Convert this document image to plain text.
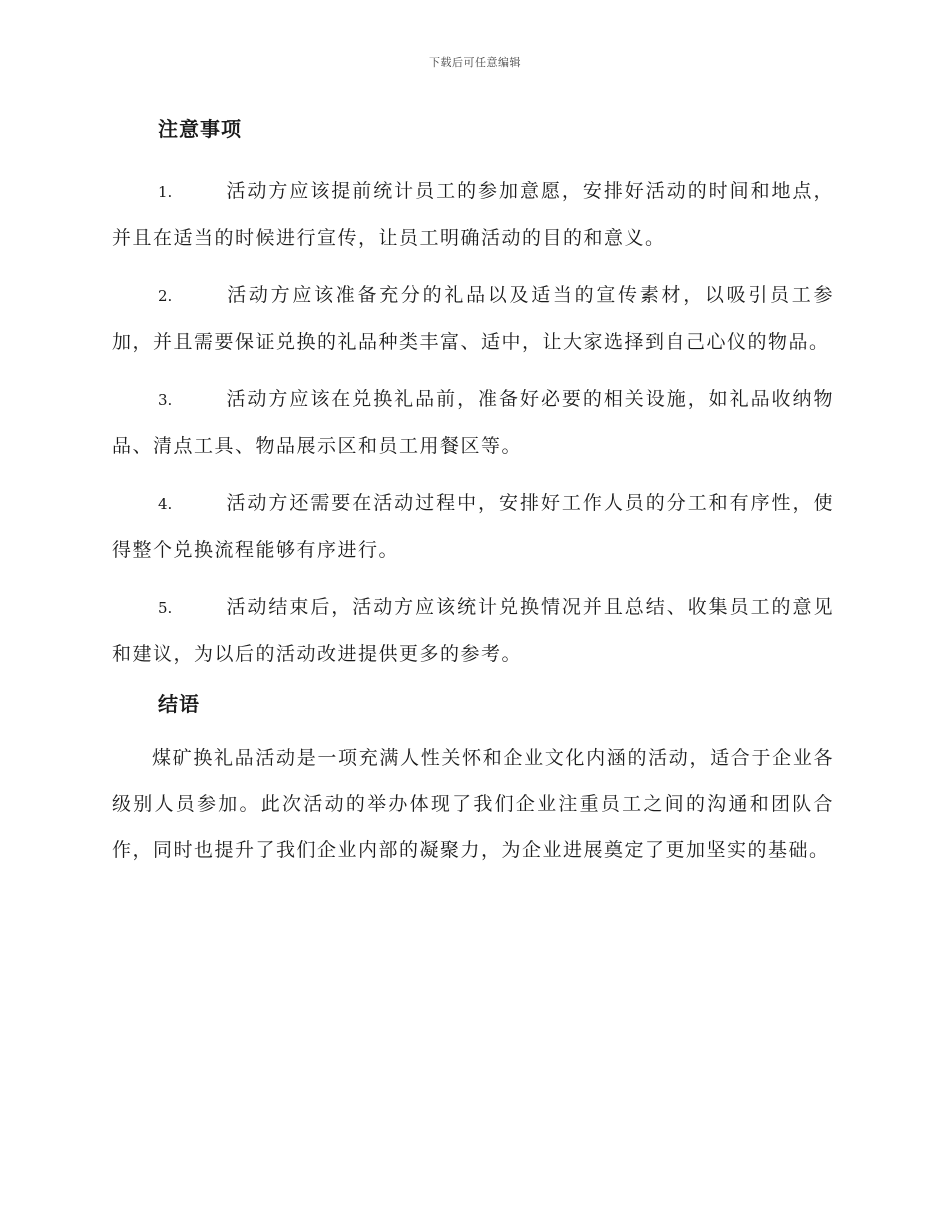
下载后可任意编辑
注意事项
1.	活动方应该提前统计员工的参加意愿，安排好活动的时间和地点，并且在适当的时候进行宣传，让员工明确活动的目的和意义。
2.	活动方应该准备充分的礼品以及适当的宣传素材，以吸引员工参加，并且需要保证兑换的礼品种类丰富、适中，让大家选择到自己心仪的物品。
3.	活动方应该在兑换礼品前，准备好必要的相关设施，如礼品收纳物品、清点工具、物品展示区和员工用餐区等。
4.	活动方还需要在活动过程中，安排好工作人员的分工和有序性，使得整个兑换流程能够有序进行。
5.	活动结束后，活动方应该统计兑换情况并且总结、收集员工的意见和建议，为以后的活动改进提供更多的参考。
结语

煤矿换礼品活动是一项充满人性关怀和企业文化内涵的活动，适合于企业各级别人员参加。此次活动的举办体现了我们企业注重员工之间的沟通和团队合作，同时也提升了我们企业内部的凝聚力，为企业进展奠定了更加坚实的基础。
